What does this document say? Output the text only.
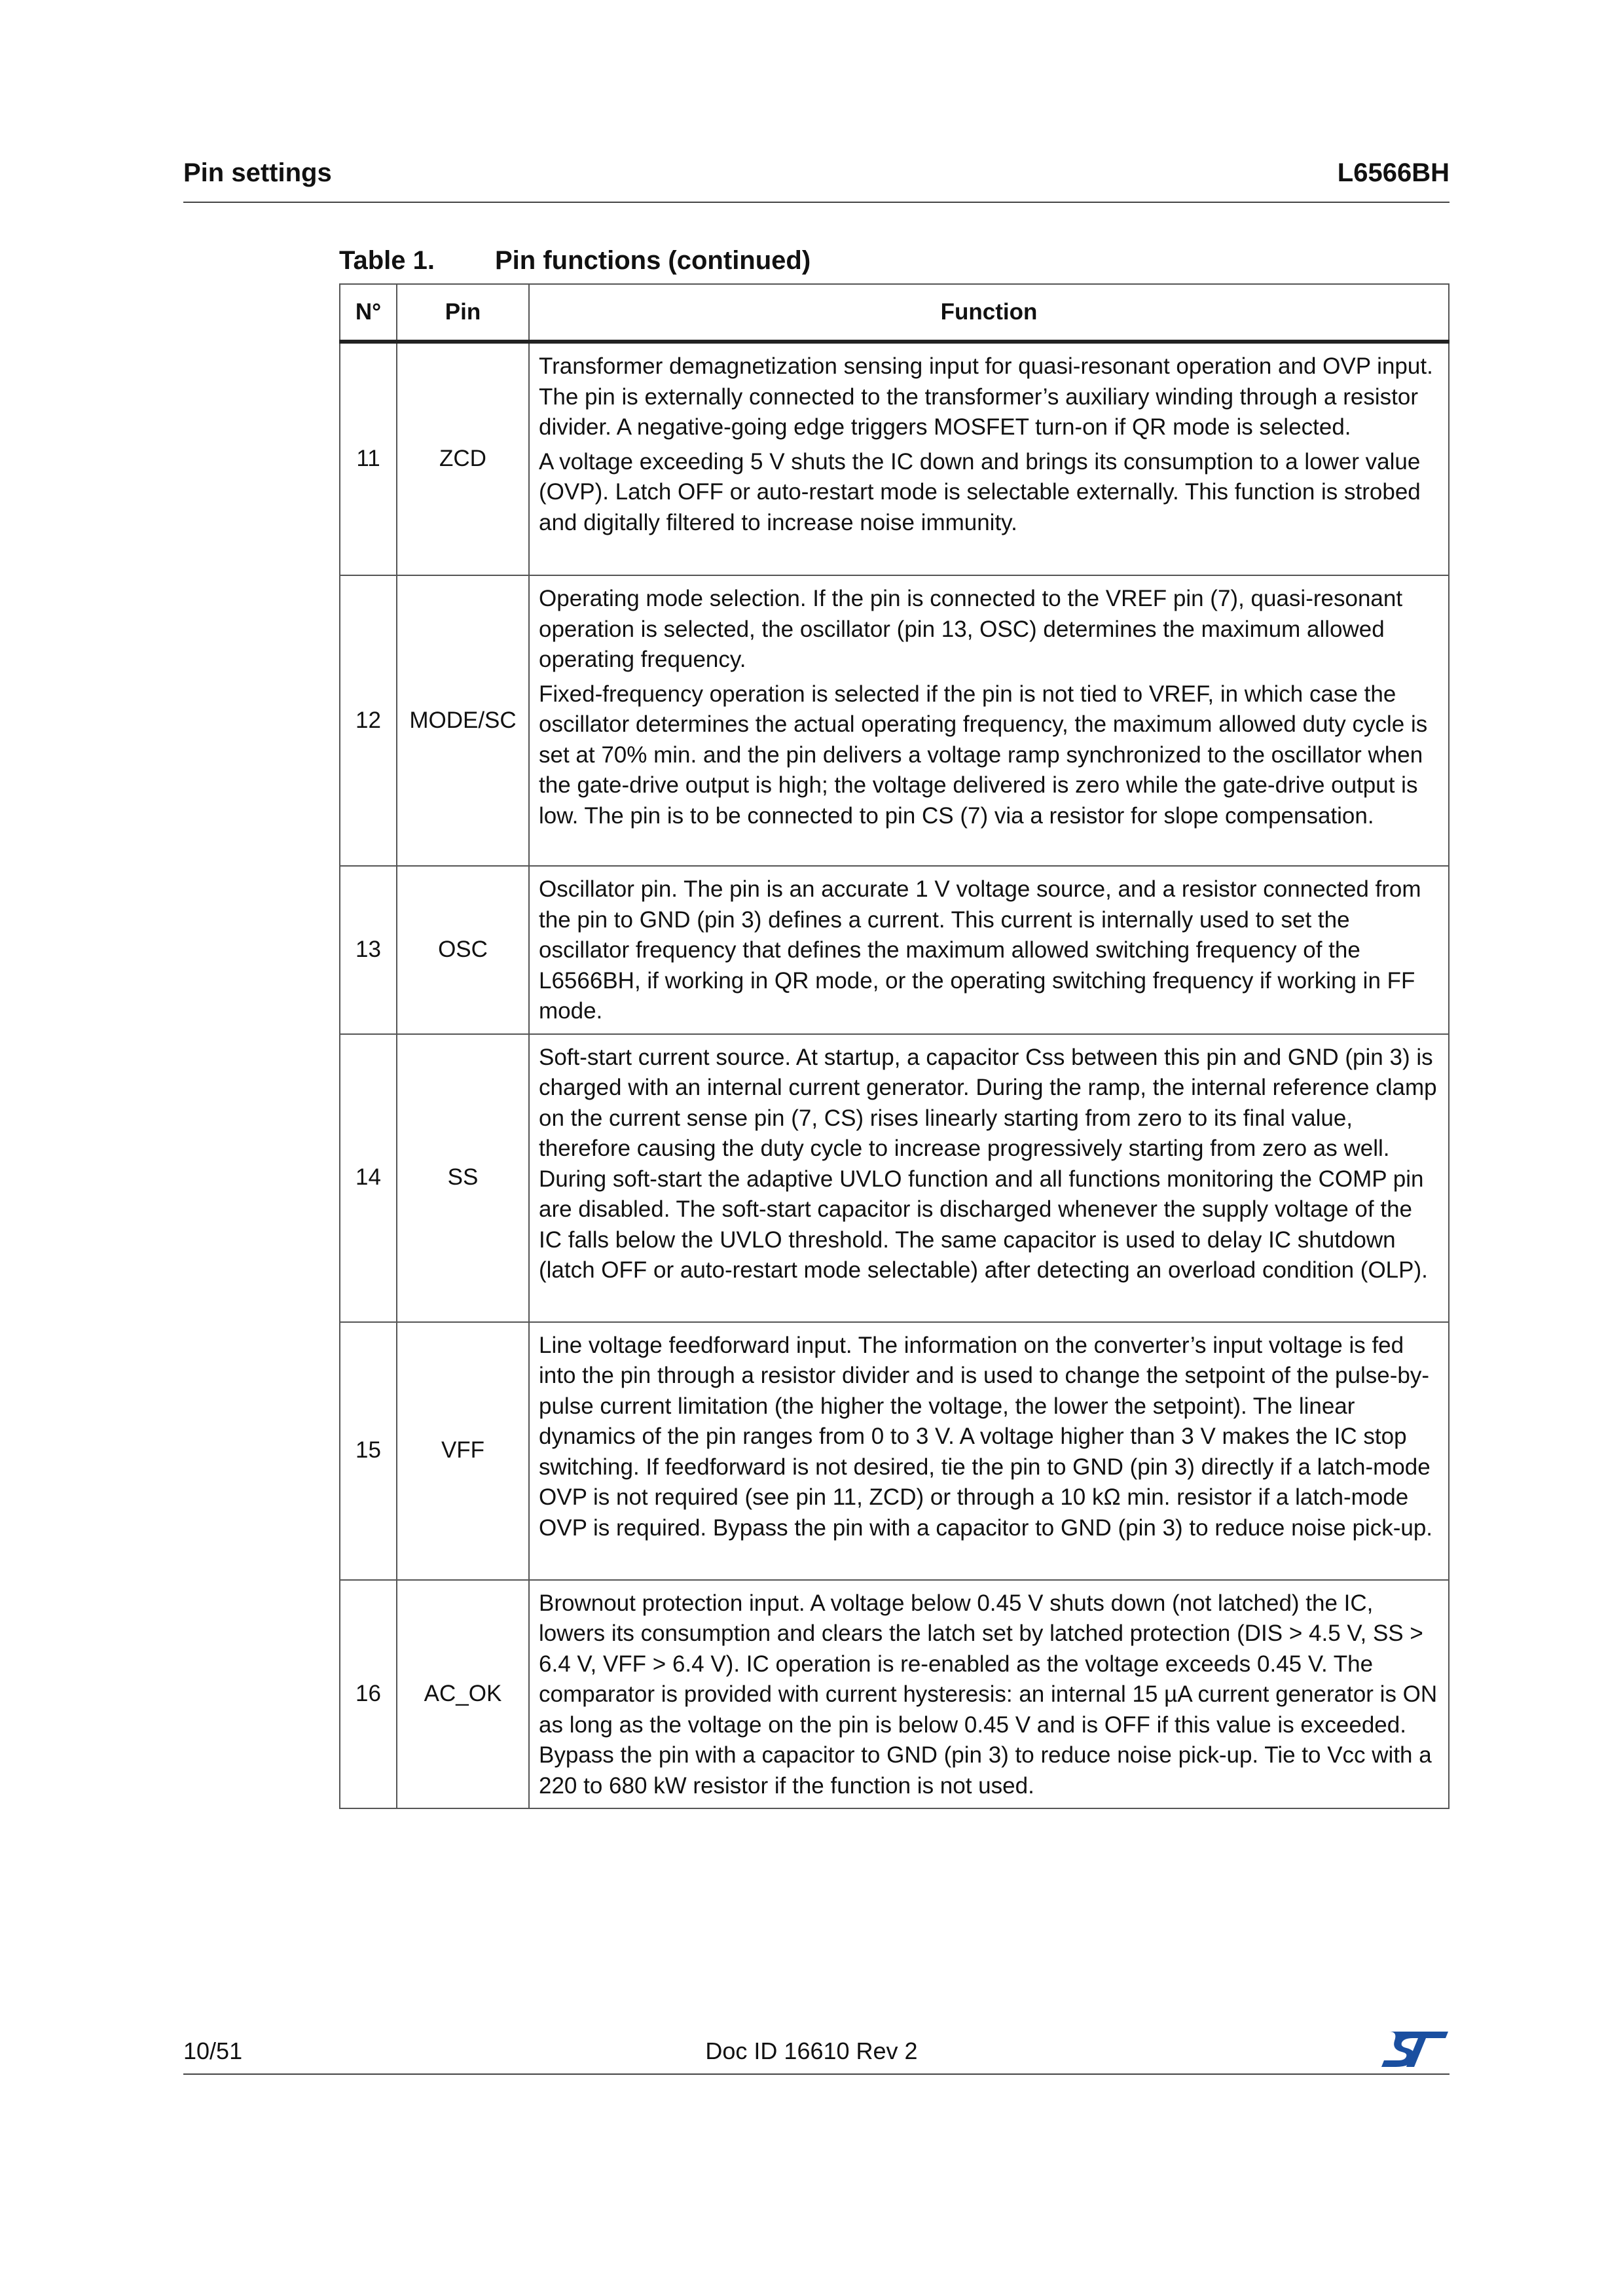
Pin settings	L6566BH
Table 1. Pin functions (continued)
N°	Pin	Function
11	ZCD	Transformer demagnetization sensing input for quasi-resonant operation and OVP input. The pin is externally connected to the transformer’s auxiliary winding through a resistor divider. A negative-going edge triggers MOSFET turn-on if QR mode is selected.

A voltage exceeding 5 V shuts the IC down and brings its consumption to a lower value (OVP). Latch OFF or auto-restart mode is selectable externally. This function is strobed and digitally filtered to increase noise immunity.

12	MODE/SC	Operating mode selection. If the pin is connected to the VREF pin (7), quasi-resonant operation is selected, the oscillator (pin 13, OSC) determines the maximum allowed operating frequency.

Fixed-frequency operation is selected if the pin is not tied to VREF, in which case the oscillator determines the actual operating frequency, the maximum allowed duty cycle is set at 70% min. and the pin delivers a voltage ramp synchronized to the oscillator when the gate-drive output is high; the voltage delivered is zero while the gate-drive output is low. The pin is to be connected to pin CS (7) via a resistor for slope compensation.

13	OSC	Oscillator pin. The pin is an accurate 1 V voltage source, and a resistor connected from the pin to GND (pin 3) defines a current. This current is internally used to set the oscillator frequency that defines the maximum allowed switching frequency of the L6566BH, if working in QR mode, or the operating switching frequency if working in FF mode.

14	SS	Soft-start current source. At startup, a capacitor Css between this pin and GND (pin 3) is charged with an internal current generator. During the ramp, the internal reference clamp on the current sense pin (7, CS) rises linearly starting from zero to its final value, therefore causing the duty cycle to increase progressively starting from zero as well. During soft-start the adaptive UVLO function and all functions monitoring the COMP pin are disabled. The soft-start capacitor is discharged whenever the supply voltage of the IC falls below the UVLO threshold. The same capacitor is used to delay IC shutdown (latch OFF or auto-restart mode selectable) after detecting an overload condition (OLP).

15	VFF	Line voltage feedforward input. The information on the converter’s input voltage is fed into the pin through a resistor divider and is used to change the setpoint of the pulse-by-pulse current limitation (the higher the voltage, the lower the setpoint). The linear dynamics of the pin ranges from 0 to 3 V. A voltage higher than 3 V makes the IC stop switching. If feedforward is not desired, tie the pin to GND (pin 3) directly if a latch-mode OVP is not required (see pin 11, ZCD) or through a 10 kΩ min. resistor if a latch-mode OVP is required. Bypass the pin with a capacitor to GND (pin 3) to reduce noise pick-up.

16	AC_OK	Brownout protection input. A voltage below 0.45 V shuts down (not latched) the IC, lowers its consumption and clears the latch set by latched protection (DIS > 4.5 V, SS > 6.4 V, VFF > 6.4 V). IC operation is re-enabled as the voltage exceeds 0.45 V. The comparator is provided with current hysteresis: an internal 15 µA current generator is ON as long as the voltage on the pin is below 0.45 V and is OFF if this value is exceeded. Bypass the pin with a capacitor to GND (pin 3) to reduce noise pick-up. Tie to Vcc with a 220 to 680 kW resistor if the function is not used.

10/51	Doc ID 16610 Rev 2
